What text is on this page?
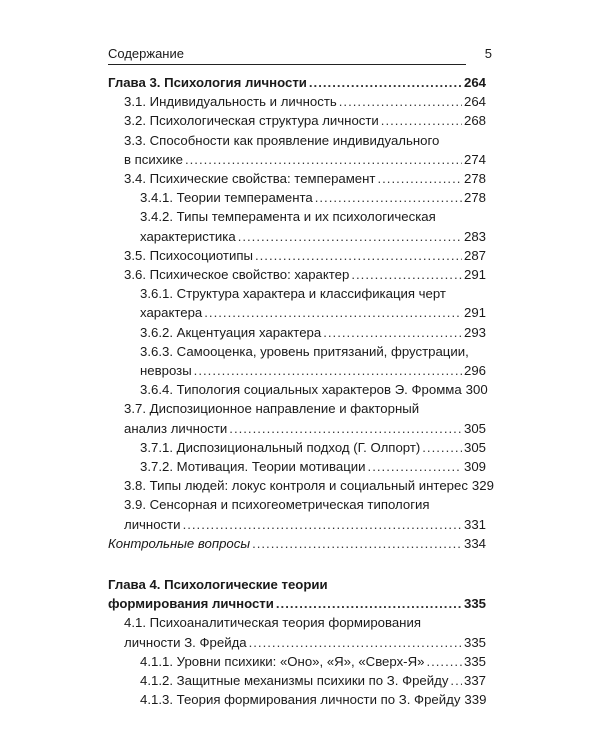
Содержание	5
Глава 3. Психология личности .....	264
3.1. Индивидуальность и личность .....	264
3.2. Психологическая структура личности .....	268
3.3. Способности как проявление индивидуального
в психике .....	274
3.4. Психические свойства: темперамент .....	278
3.4.1. Теории темперамента .....	278
3.4.2. Типы темперамента и их психологическая
характеристика .....	283
3.5. Психосоциотипы .....	287
3.6. Психическое свойство: характер .....	291
3.6.1. Структура характера и классификация черт
характера .....	291
3.6.2. Акцентуация характера .....	293
3.6.3. Самооценка, уровень притязаний, фрустрации,
неврозы .....	296
3.6.4. Типология социальных характеров Э. Фромма 300
3.7. Диспозиционное направление и факторный
анализ личности .....	305
3.7.1. Диспозициональный подход (Г. Олпорт) .....	305
3.7.2. Мотивация. Теории мотивации .....	309
3.8. Типы людей: локус контроля и социальный интерес 329
3.9. Сенсорная и психогеометрическая типология
личности .....	331
Контрольные вопросы .....	334
Глава 4. Психологические теории
формирования личности .....	335
4.1. Психоаналитическая теория формирования
личности З. Фрейда .....	335
4.1.1. Уровни психики: «Оно», «Я», «Сверх-Я» .....	335
4.1.2. Защитные механизмы психики по З. Фрейду ..... 337
4.1.3. Теория формирования личности по З. Фрейду 339
